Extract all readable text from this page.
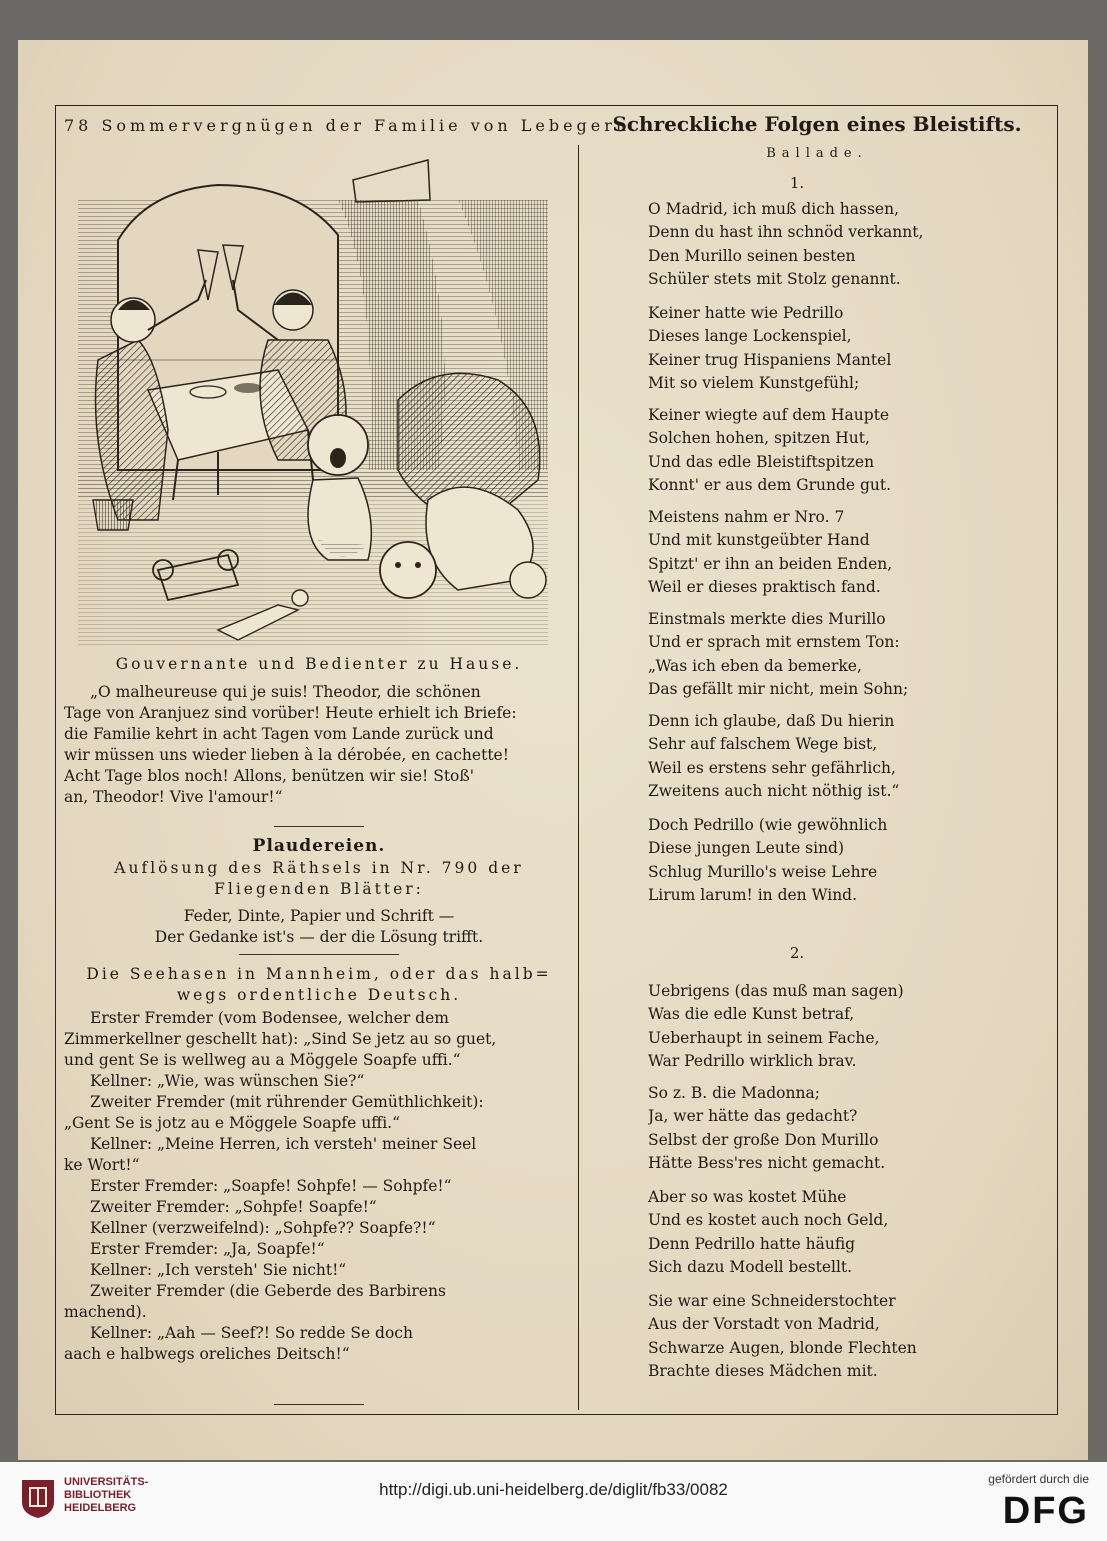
78 Sommervergnügen der Familie von Lebegern.
Schreckliche Folgen eines Bleistifts.
Ballade.
Gouvernante und Bedienter zu Hause.
„O malheureuse qui je suis! Theodor, die schönen
Tage von Aranjuez sind vorüber! Heute erhielt ich Briefe:
die Familie kehrt in acht Tagen vom Lande zurück und
wir müssen uns wieder lieben à la dérobée, en cachette!
Acht Tage blos noch! Allons, benützen wir sie! Stoß'
an, Theodor! Vive l'amour!“
Plaudereien.
Auflösung des Räthsels in Nr. 790 der
Fliegenden Blätter:
Feder, Dinte, Papier und Schrift —
Der Gedanke ist's — der die Lösung trifft.
Die Seehasen in Mannheim, oder das halb=
wegs ordentliche Deutsch.
Erster Fremder (vom Bodensee, welcher dem
Zimmerkellner geschellt hat): „Sind Se jetz au so guet,
und gent Se is wellweg au a Möggele Soapfe uffi.“
Kellner: „Wie, was wünschen Sie?“
Zweiter Fremder (mit rührender Gemüthlichkeit):
„Gent Se is jotz au e Möggele Soapfe uffi.“
Kellner: „Meine Herren, ich versteh' meiner Seel
ke Wort!“
Erster Fremder: „Soapfe! Sohpfe! — Sohpfe!“
Zweiter Fremder: „Sohpfe! Soapfe!“
Kellner (verzweifelnd): „Sohpfe?? Soapfe?!“
Erster Fremder: „Ja, Soapfe!“
Kellner: „Ich versteh' Sie nicht!“
Zweiter Fremder (die Geberde des Barbirens
machend).
Kellner: „Aah — Seef?! So redde Se doch
aach e halbwegs oreliches Deitsch!“
1.
O Madrid, ich muß dich hassen,
Denn du hast ihn schnöd verkannt,
Den Murillo seinen besten
Schüler stets mit Stolz genannt.
Keiner hatte wie Pedrillo
Dieses lange Lockenspiel,
Keiner trug Hispaniens Mantel
Mit so vielem Kunstgefühl;
Keiner wiegte auf dem Haupte
Solchen hohen, spitzen Hut,
Und das edle Bleistiftspitzen
Konnt' er aus dem Grunde gut.
Meistens nahm er Nro. 7
Und mit kunstgeübter Hand
Spitzt' er ihn an beiden Enden,
Weil er dieses praktisch fand.
Einstmals merkte dies Murillo
Und er sprach mit ernstem Ton:
„Was ich eben da bemerke,
Das gefällt mir nicht, mein Sohn;
Denn ich glaube, daß Du hierin
Sehr auf falschem Wege bist,
Weil es erstens sehr gefährlich,
Zweitens auch nicht nöthig ist.“
Doch Pedrillo (wie gewöhnlich
Diese jungen Leute sind)
Schlug Murillo's weise Lehre
Lirum larum! in den Wind.
2.
Uebrigens (das muß man sagen)
Was die edle Kunst betraf,
Ueberhaupt in seinem Fache,
War Pedrillo wirklich brav.
So z. B. die Madonna;
Ja, wer hätte das gedacht?
Selbst der große Don Murillo
Hätte Bess'res nicht gemacht.
Aber so was kostet Mühe
Und es kostet auch noch Geld,
Denn Pedrillo hatte häufig
Sich dazu Modell bestellt.
Sie war eine Schneiderstochter
Aus der Vorstadt von Madrid,
Schwarze Augen, blonde Flechten
Brachte dieses Mädchen mit.
UNIVERSITÄTS-
BIBLIOTHEK
HEIDELBERG
http://digi.ub.uni-heidelberg.de/diglit/fb33/0082
gefördert durch die
DFG
